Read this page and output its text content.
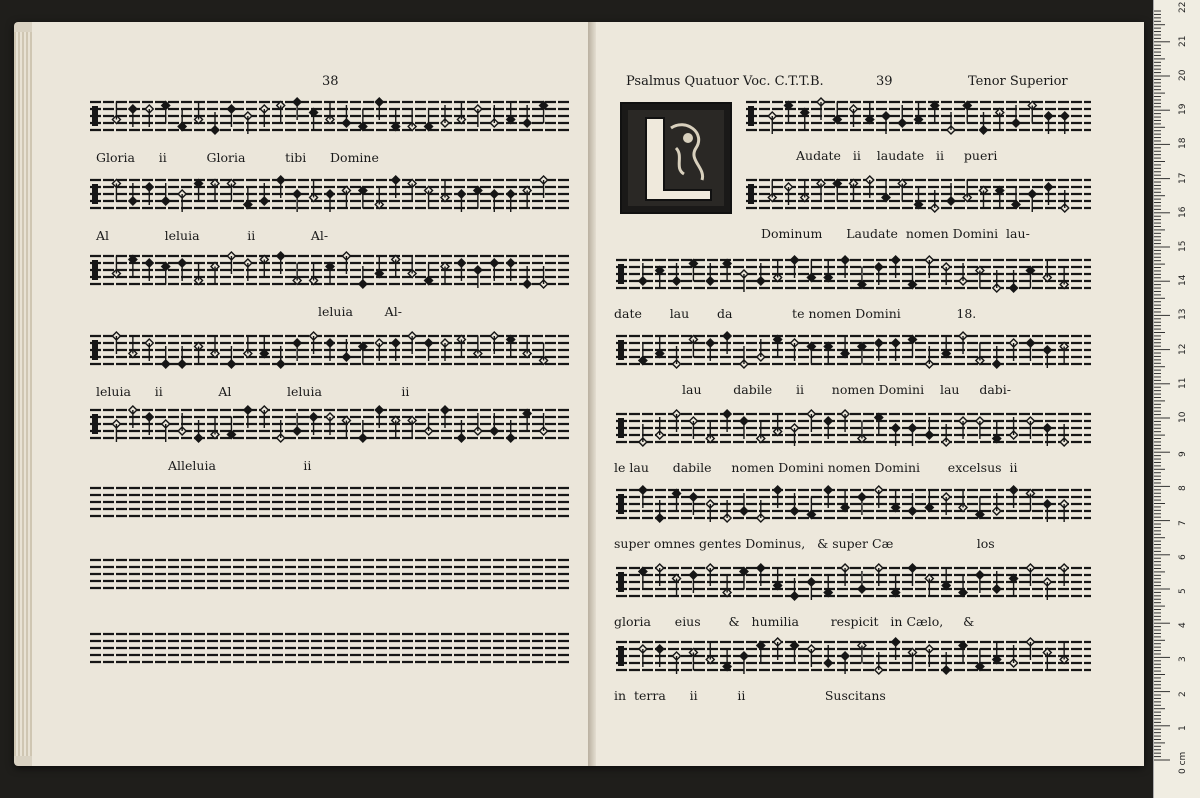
38
Gloria      ii          Gloria          tibi      Domine
Al              leluia            ii              Al-
leluia        Al-
leluia      ii              Al              leluia                    ii
Alleluia                      ii
Psalmus Quatuor Voc. C.T.T.B.	39	Tenor Superior
Audate   ii    laudate   ii     pueri
Dominum      Laudate  nomen Domini  lau-
date       lau       da               te nomen Domini              18.
lau        dabile      ii       nomen Domini    lau     dabi-
le lau      dabile     nomen Domini nomen Domini       excelsus  ii
super omnes gentes Dominus,   & super Cæ                     los
gloria      eius       &   humilia        respicit   in Cælo,     &
in  terra      ii          ii                    Suscitans
0 cm
1
2
3
4
5
6
7
8
9
10
11
12
13
14
15
16
17
18
19
20
21
22
